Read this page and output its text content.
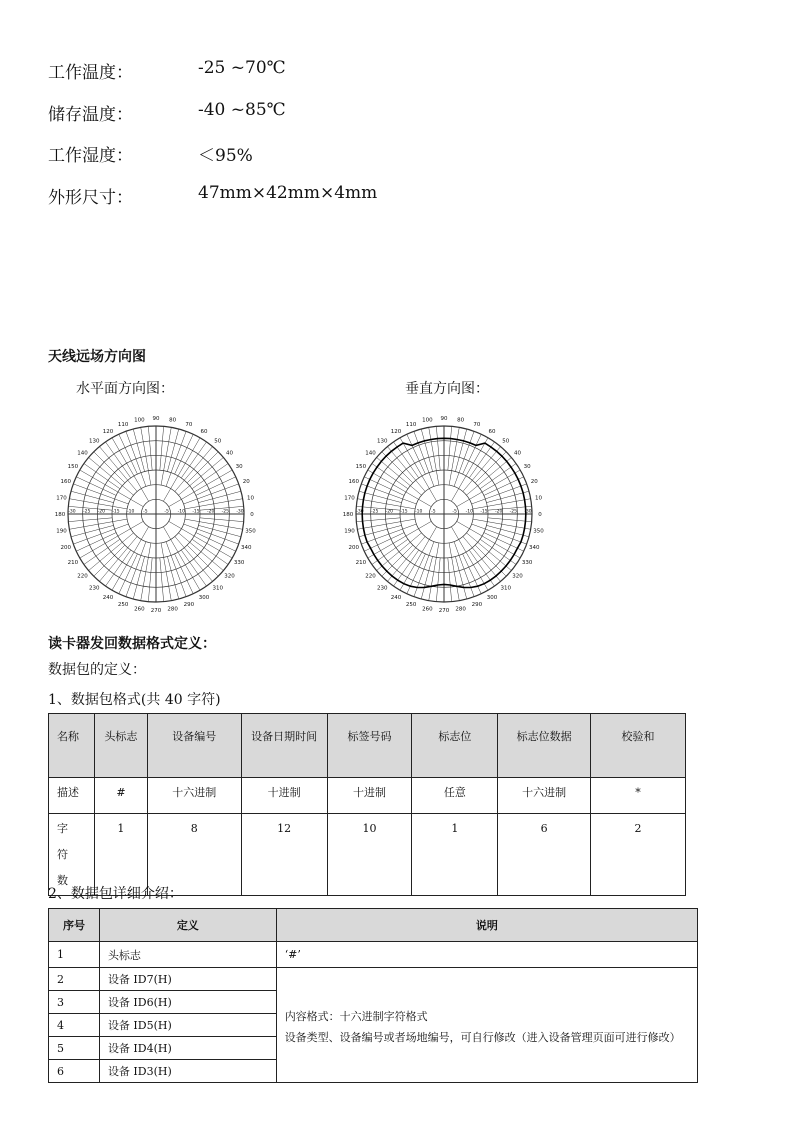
工作温度：	-25 ~70℃
储存温度：	-40 ~85℃
工作湿度：	＜95%
外形尺寸：	47mm×42mm×4mm
天线远场方向图
水平面方向图：	垂直方向图：
0
10
20
30
40
50
60
70
80
90
100
110
120
130
140
150
160
170
180
190
200
210
220
230
240
250
260 270 280
290
300
310
320
330
340
350
-5
-5	-10
-10	-15
-15	-20
-20	-25
-25	-30
-30	0
10
20
30
40
50
60
70
80
90
100
110
120
130
140
150
160
170
180
190
200
210
220
230
240
250
260 270 280
290
300
310
320
330
340
350
-5
-5	-10
-10	-15
-15	-20
-20	-25
-25	-30
-30
读卡器发回数据格式定义：
数据包的定义：
1、数据包格式(共 40 字符)
名称	头标志	设备编号	设备日期时间	标签号码	标志位	标志位数据	校验和
描述	#	十六进制	十进制	十进制	任意	十六进制	*
字符数	1	8	12	10	1	6	2
2、数据包详细介绍：
序号	定义	说明
1	头标志	‘#’
2	设备 ID7(H)	内容格式：十六进制字符格式
设备类型、设备编号或者场地编号，可自行修改（进入设备管理页面可进行修改）

3	设备 ID6(H)	
4	设备 ID5(H)	
5	设备 ID4(H)	
6	设备 ID3(H)	
